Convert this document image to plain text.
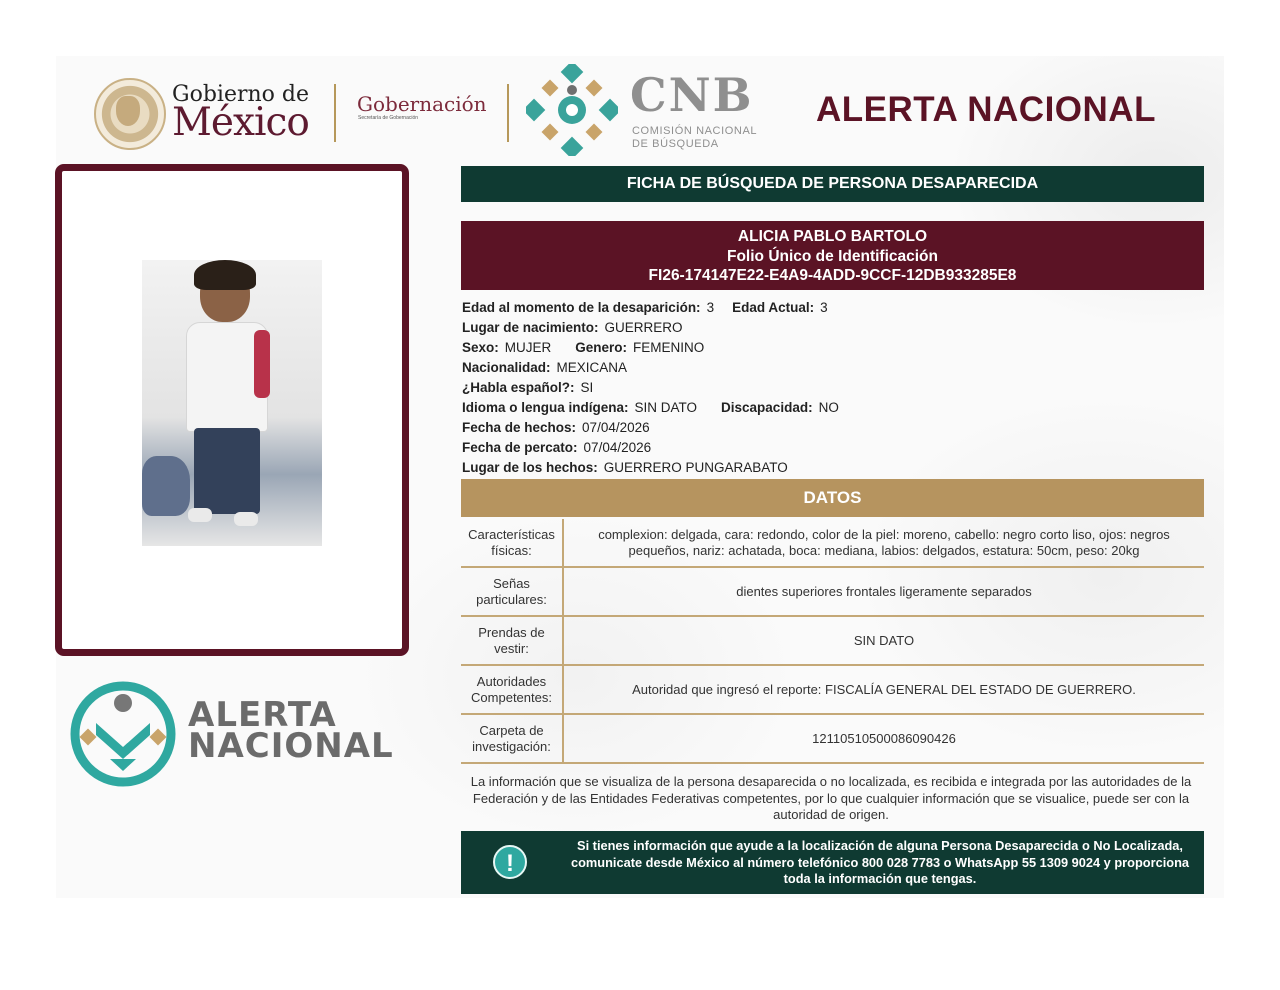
Gobierno de
México Gobernación
Secretaría de Gobernación	CNB
COMISIÓN NACIONAL
DE BÚSQUEDA
ALERTA NACIONAL
ALERTA
NACIONAL
FICHA DE BÚSQUEDA DE PERSONA DESAPARECIDA
ALICIA PABLO BARTOLO
Folio Único de Identificación
FI26-174147E22-E4A9-4ADD-9CCF-12DB933285E8
Edad al momento de la desaparición: 3 Edad Actual: 3
Lugar de nacimiento: GUERRERO
Sexo: MUJER Genero: FEMENINO
Nacionalidad: MEXICANA
¿Habla español?: SI
Idioma o lengua indígena: SIN DATO Discapacidad: NO
Fecha de hechos: 07/04/2026
Fecha de percato: 07/04/2026
Lugar de los hechos: GUERRERO PUNGARABATO
DATOS
Características físicas:
complexion: delgada, cara: redondo, color de la piel: moreno, cabello: negro corto liso, ojos: negros pequeños, nariz: achatada, boca: mediana, labios: delgados, estatura: 50cm, peso: 20kg
Señas particulares:
dientes superiores frontales ligeramente separados
Prendas de vestir:
SIN DATO
Autoridades Competentes:
Autoridad que ingresó el reporte: FISCALÍA GENERAL DEL ESTADO DE GUERRERO.
Carpeta de investigación:
12110510500086090426
La información que se visualiza de la persona desaparecida o no localizada, es recibida e integrada por las autoridades de la Federación y de las Entidades Federativas competentes, por lo que cualquier información que se visualice, puede ser con la autoridad de origen.
!
Si tienes información que ayude a la localización de alguna Persona Desaparecida o No Localizada, comunicate desde México al número telefónico 800 028 7783 o WhatsApp 55 1309 9024 y proporciona toda la información que tengas.
